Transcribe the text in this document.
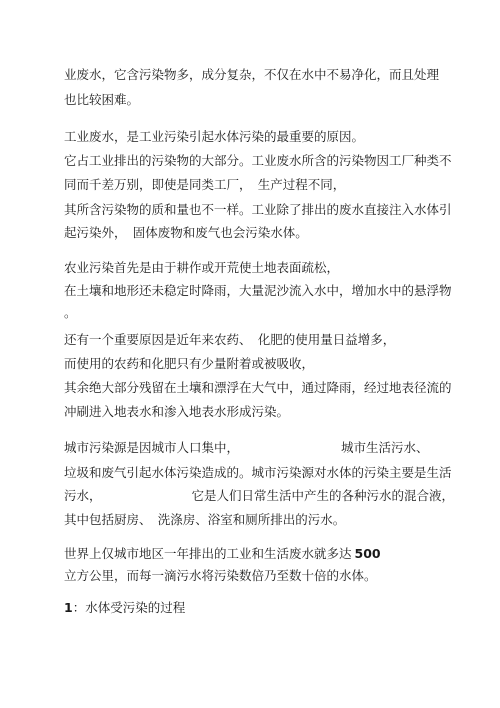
业废水，它含污染物多，成分复杂，不仅在水中不易净化，而且处理
也比较困难。
工业废水，是工业污染引起水体污染的最重要的原因。
它占工业排出的污染物的大部分。工业废水所含的污染物因工厂种类不
同而千差万别，即使是同类工厂，　生产过程不同，
其所含污染物的质和量也不一样。工业除了排出的废水直接注入水体引
起污染外，　固体废物和废气也会污染水体。
农业污染首先是由于耕作或开荒使土地表面疏松，
在土壤和地形还未稳定时降雨，大量泥沙流入水中，增加水中的悬浮物
。
还有一个重要原因是近年来农药、　化肥的使用量日益增多，
而使用的农药和化肥只有少量附着或被吸收，
其余绝大部分残留在土壤和漂浮在大气中，通过降雨，经过地表径流的
冲刷进入地表水和渗入地表水形成污染。
城市污染源是因城市人口集中，	城市生活污水、
垃圾和废气引起水体污染造成的。城市污染源对水体的污染主要是生活
污水，	它是人们日常生活中产生的各种污水的混合液，
其中包括厨房、　洗涤房、浴室和厕所排出的污水。
世界上仅城市地区一年排出的工业和生活废水就多达 500
立方公里，而每一滴污水将污染数倍乃至数十倍的水体。
1：水体受污染的过程
